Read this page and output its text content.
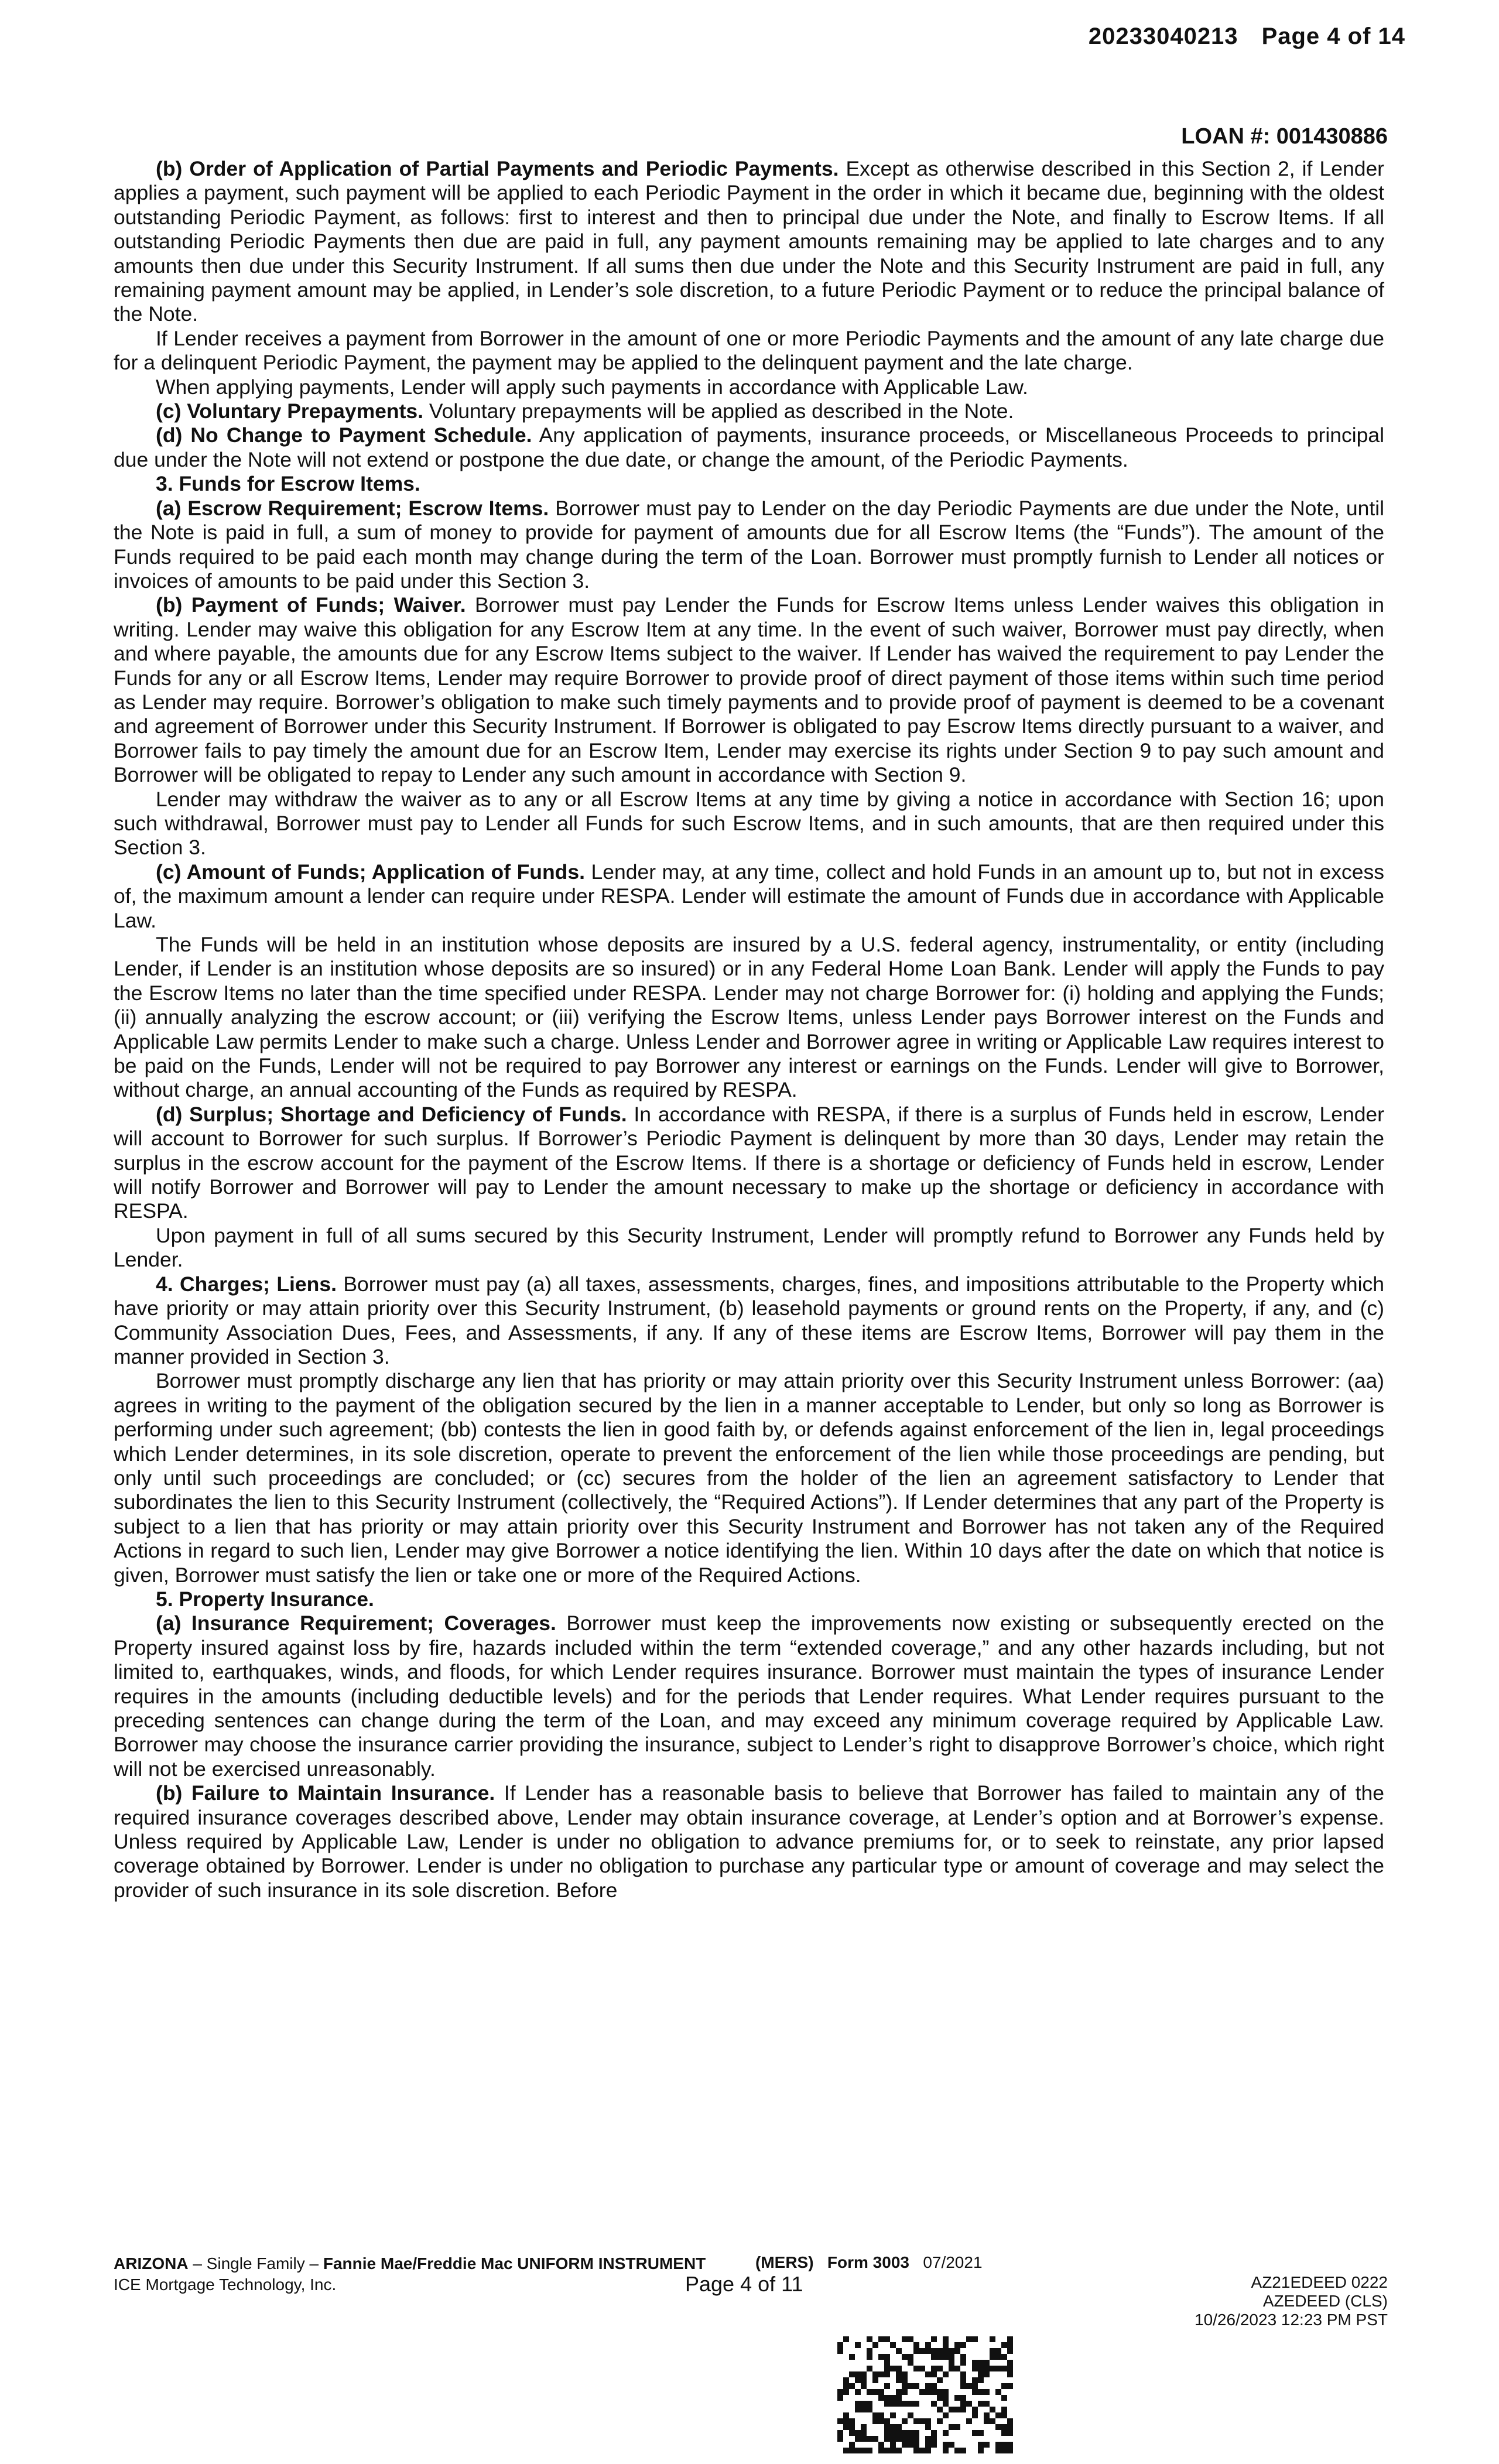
20233040213 Page 4 of 14
LOAN #: 001430886

(b) Order of Application of Partial Payments and Periodic Payments. Except as otherwise described in this Section 2, if Lender applies a payment, such payment will be applied to each Periodic Payment in the order in which it became due, beginning with the oldest outstanding Periodic Payment, as follows: first to interest and then to principal due under the Note, and finally to Escrow Items. If all outstanding Periodic Payments then due are paid in full, any payment amounts remaining may be applied to late charges and to any amounts then due under this Security Instrument. If all sums then due under the Note and this Security Instrument are paid in full, any remaining payment amount may be applied, in Lender’s sole discretion, to a future Periodic Payment or to reduce the principal balance of the Note.

If Lender receives a payment from Borrower in the amount of one or more Periodic Payments and the amount of any late charge due for a delinquent Periodic Payment, the payment may be applied to the delinquent payment and the late charge.

When applying payments, Lender will apply such payments in accordance with Applicable Law.

(c) Voluntary Prepayments. Voluntary prepayments will be applied as described in the Note.

(d) No Change to Payment Schedule. Any application of payments, insurance proceeds, or Miscellaneous Proceeds to principal due under the Note will not extend or postpone the due date, or change the amount, of the Periodic Payments.

3. Funds for Escrow Items.

(a) Escrow Requirement; Escrow Items. Borrower must pay to Lender on the day Periodic Payments are due under the Note, until the Note is paid in full, a sum of money to provide for payment of amounts due for all Escrow Items (the “Funds”). The amount of the Funds required to be paid each month may change during the term of the Loan. Borrower must promptly furnish to Lender all notices or invoices of amounts to be paid under this Section 3.

(b) Payment of Funds; Waiver. Borrower must pay Lender the Funds for Escrow Items unless Lender waives this obligation in writing. Lender may waive this obligation for any Escrow Item at any time. In the event of such waiver, Borrower must pay directly, when and where payable, the amounts due for any Escrow Items subject to the waiver. If Lender has waived the requirement to pay Lender the Funds for any or all Escrow Items, Lender may require Borrower to provide proof of direct payment of those items within such time period as Lender may require. Borrower’s obligation to make such timely payments and to provide proof of payment is deemed to be a covenant and agreement of Borrower under this Security Instrument. If Borrower is obligated to pay Escrow Items directly pursuant to a waiver, and Borrower fails to pay timely the amount due for an Escrow Item, Lender may exercise its rights under Section 9 to pay such amount and Borrower will be obligated to repay to Lender any such amount in accordance with Section 9.

Lender may withdraw the waiver as to any or all Escrow Items at any time by giving a notice in accordance with Section 16; upon such withdrawal, Borrower must pay to Lender all Funds for such Escrow Items, and in such amounts, that are then required under this Section 3.

(c) Amount of Funds; Application of Funds. Lender may, at any time, collect and hold Funds in an amount up to, but not in excess of, the maximum amount a lender can require under RESPA. Lender will estimate the amount of Funds due in accordance with Applicable Law.

The Funds will be held in an institution whose deposits are insured by a U.S. federal agency, instrumentality, or entity (including Lender, if Lender is an institution whose deposits are so insured) or in any Federal Home Loan Bank. Lender will apply the Funds to pay the Escrow Items no later than the time specified under RESPA. Lender may not charge Borrower for: (i) holding and applying the Funds; (ii) annually analyzing the escrow account; or (iii) verifying the Escrow Items, unless Lender pays Borrower interest on the Funds and Applicable Law permits Lender to make such a charge. Unless Lender and Borrower agree in writing or Applicable Law requires interest to be paid on the Funds, Lender will not be required to pay Borrower any interest or earnings on the Funds. Lender will give to Borrower, without charge, an annual accounting of the Funds as required by RESPA.

(d) Surplus; Shortage and Deficiency of Funds. In accordance with RESPA, if there is a surplus of Funds held in escrow, Lender will account to Borrower for such surplus. If Borrower’s Periodic Payment is delinquent by more than 30 days, Lender may retain the surplus in the escrow account for the payment of the Escrow Items. If there is a shortage or deficiency of Funds held in escrow, Lender will notify Borrower and Borrower will pay to Lender the amount necessary to make up the shortage or deficiency in accordance with RESPA.

Upon payment in full of all sums secured by this Security Instrument, Lender will promptly refund to Borrower any Funds held by Lender.

4. Charges; Liens. Borrower must pay (a) all taxes, assessments, charges, fines, and impositions attributable to the Property which have priority or may attain priority over this Security Instrument, (b) leasehold payments or ground rents on the Property, if any, and (c) Community Association Dues, Fees, and Assessments, if any. If any of these items are Escrow Items, Borrower will pay them in the manner provided in Section 3.

Borrower must promptly discharge any lien that has priority or may attain priority over this Security Instrument unless Borrower: (aa) agrees in writing to the payment of the obligation secured by the lien in a manner acceptable to Lender, but only so long as Borrower is performing under such agreement; (bb) contests the lien in good faith by, or defends against enforcement of the lien in, legal proceedings which Lender determines, in its sole discretion, operate to prevent the enforcement of the lien while those proceedings are pending, but only until such proceedings are concluded; or (cc) secures from the holder of the lien an agreement satisfactory to Lender that subordinates the lien to this Security Instrument (collectively, the “Required Actions”). If Lender determines that any part of the Property is subject to a lien that has priority or may attain priority over this Security Instrument and Borrower has not taken any of the Required Actions in regard to such lien, Lender may give Borrower a notice identifying the lien. Within 10 days after the date on which that notice is given, Borrower must satisfy the lien or take one or more of the Required Actions.

5. Property Insurance.

(a) Insurance Requirement; Coverages. Borrower must keep the improvements now existing or subsequently erected on the Property insured against loss by fire, hazards included within the term “extended coverage,” and any other hazards including, but not limited to, earthquakes, winds, and floods, for which Lender requires insurance. Borrower must maintain the types of insurance Lender requires in the amounts (including deductible levels) and for the periods that Lender requires. What Lender requires pursuant to the preceding sentences can change during the term of the Loan, and may exceed any minimum coverage required by Applicable Law. Borrower may choose the insurance carrier providing the insurance, subject to Lender’s right to disapprove Borrower’s choice, which right will not be exercised unreasonably.

(b) Failure to Maintain Insurance. If Lender has a reasonable basis to believe that Borrower has failed to maintain any of the required insurance coverages described above, Lender may obtain insurance coverage, at Lender’s option and at Borrower’s expense. Unless required by Applicable Law, Lender is under no obligation to advance premiums for, or to seek to reinstate, any prior lapsed coverage obtained by Borrower. Lender is under no obligation to purchase any particular type or amount of coverage and may select the provider of such insurance in its sole discretion. Before

ARIZONA – Single Family – Fannie Mae/Freddie Mac UNIFORM INSTRUMENT
ICE Mortgage Technology, Inc.
(MERS) Form 3003 07/2021
Page 4 of 11	AZ21EDEED 0222
AZEDEED (CLS)
10/26/2023 12:23 PM PST
